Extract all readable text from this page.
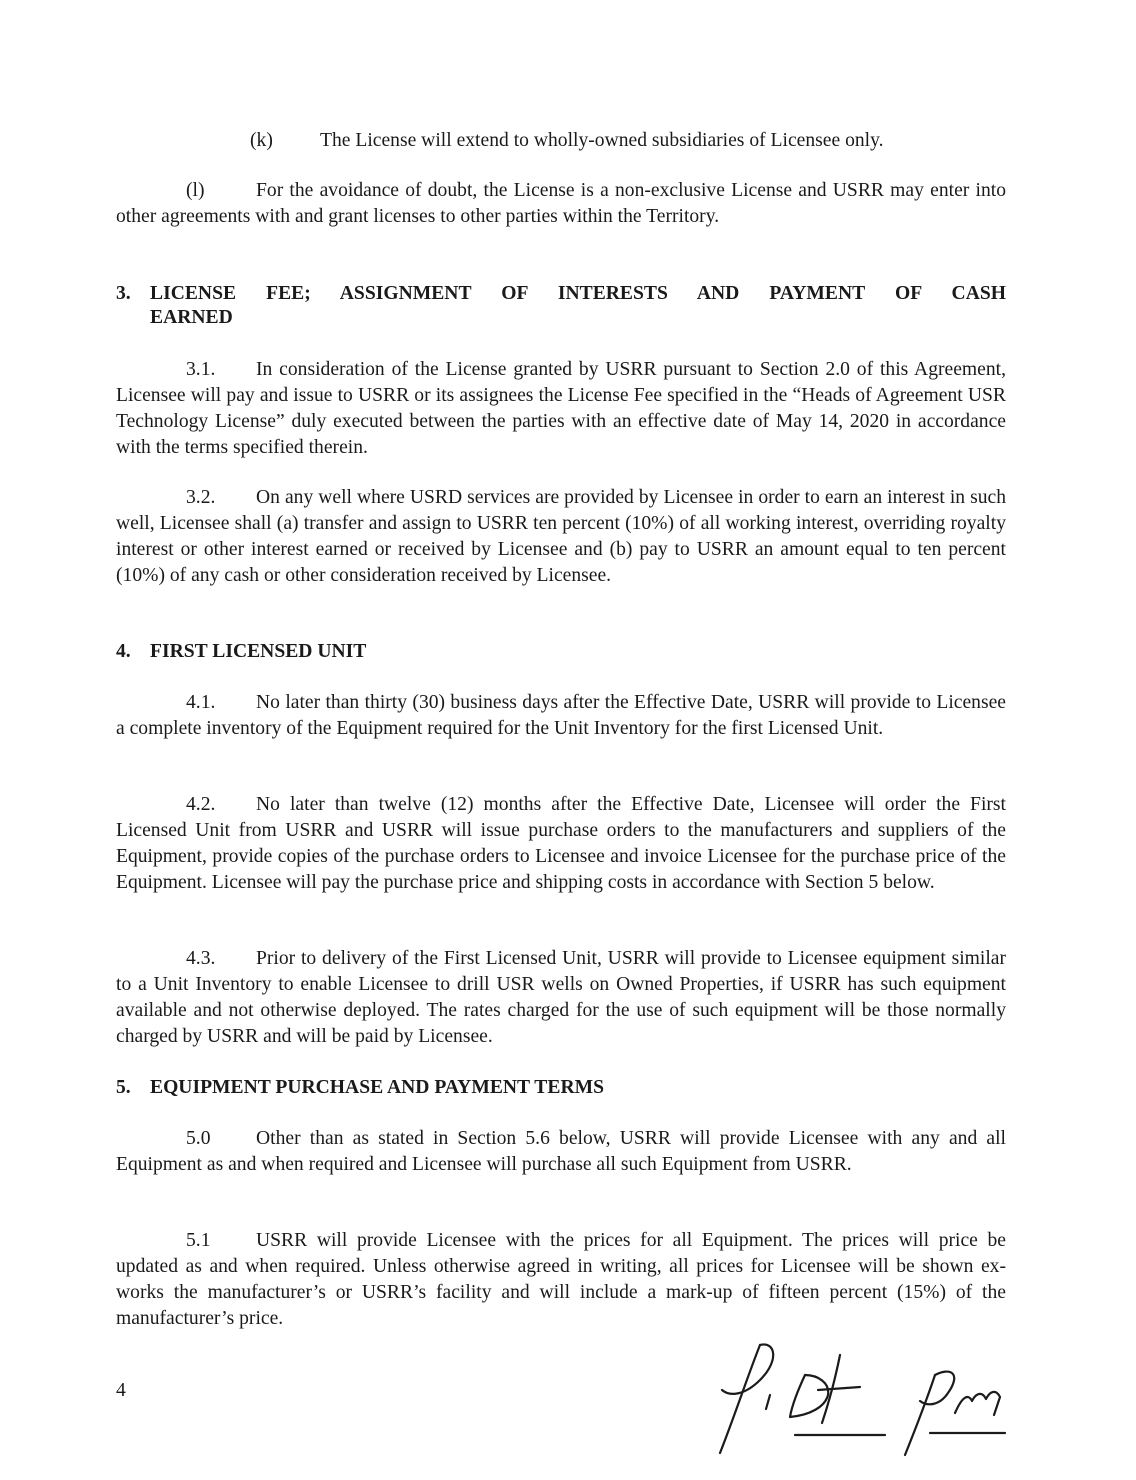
(k) The License will extend to wholly-owned subsidiaries of Licensee only.

(l)	For the avoidance of doubt, the License is a non-exclusive License and USRR may enter into other agreements with and grant licenses to other parties within the Territory.

3. LICENSE FEE; ASSIGNMENT OF INTERESTS AND PAYMENT OF CASH
EARNED

3.1. In consideration of the License granted by USRR pursuant to Section 2.0 of this Agreement, Licensee will pay and issue to USRR or its assignees the License Fee specified in the “Heads of Agreement USR Technology License” duly executed between the parties with an effective date of May 14, 2020 in accordance with the terms specified therein.

3.2. On any well where USRD services are provided by Licensee in order to earn an interest in such well, Licensee shall (a) transfer and assign to USRR ten percent (10%) of all working interest, overriding royalty interest or other interest earned or received by Licensee and (b) pay to USRR an amount equal to ten percent (10%) of any cash or other consideration received by Licensee.

4. FIRST LICENSED UNIT

4.1. No later than thirty (30) business days after the Effective Date, USRR will provide to Licensee a complete inventory of the Equipment required for the Unit Inventory for the first Licensed Unit.

4.2. No later than twelve (12) months after the Effective Date, Licensee will order the First Licensed Unit from USRR and USRR will issue purchase orders to the manufacturers and suppliers of the Equipment, provide copies of the purchase orders to Licensee and invoice Licensee for the purchase price of the Equipment. Licensee will pay the purchase price and shipping costs in accordance with Section 5 below.

4.3. Prior to delivery of the First Licensed Unit, USRR will provide to Licensee equipment similar to a Unit Inventory to enable Licensee to drill USR wells on Owned Properties, if USRR has such equipment available and not otherwise deployed. The rates charged for the use of such equipment will be those normally charged by USRR and will be paid by Licensee.

5. EQUIPMENT PURCHASE AND PAYMENT TERMS

5.0 Other than as stated in Section 5.6 below, USRR will provide Licensee with any and all Equipment as and when required and Licensee will purchase all such Equipment from USRR.

5.1 USRR will provide Licensee with the prices for all Equipment. The prices will price be updated as and when required. Unless otherwise agreed in writing, all prices for Licensee will be shown ex-works the manufacturer’s or USRR’s facility and will include a mark-up of fifteen percent (15%) of the manufacturer’s price.

4
